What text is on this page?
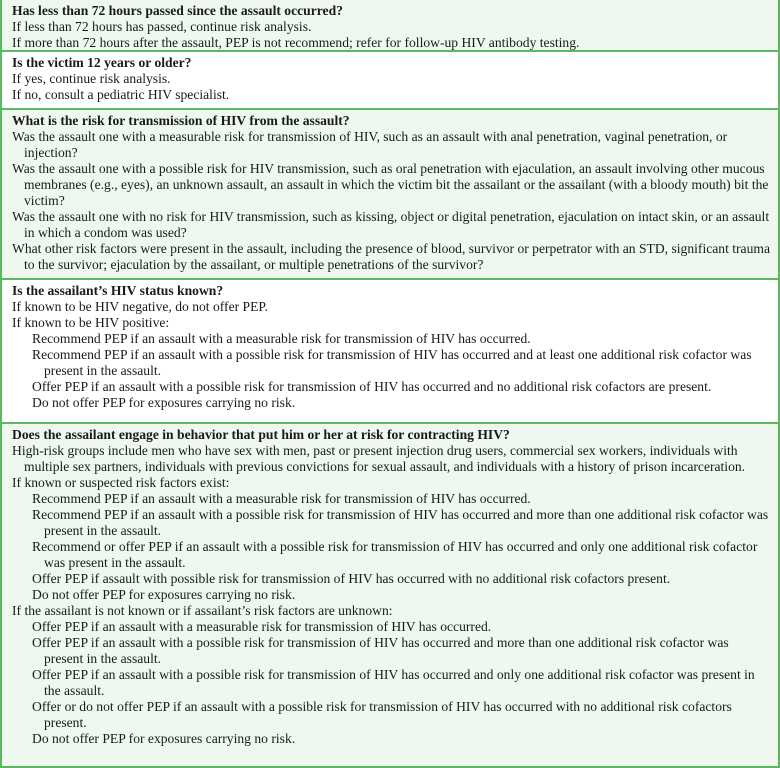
Has less than 72 hours passed since the assault occurred?
If less than 72 hours has passed, continue risk analysis.
If more than 72 hours after the assault, PEP is not recommend; refer for follow-up HIV antibody testing.
Is the victim 12 years or older?
If yes, continue risk analysis.
If no, consult a pediatric HIV specialist.
What is the risk for transmission of HIV from the assault?
Was the assault one with a measurable risk for transmission of HIV, such as an assault with anal penetration, vaginal penetration, or injection?
Was the assault one with a possible risk for HIV transmission, such as oral penetration with ejaculation, an assault involving other mucous membranes (e.g., eyes), an unknown assault, an assault in which the victim bit the assailant or the assailant (with a bloody mouth) bit the victim?
Was the assault one with no risk for HIV transmission, such as kissing, object or digital penetration, ejaculation on intact skin, or an assault in which a condom was used?
What other risk factors were present in the assault, including the presence of blood, survivor or perpetrator with an STD, significant trauma to the survivor; ejaculation by the assailant, or multiple penetrations of the survivor?
Is the assailant’s HIV status known?
If known to be HIV negative, do not offer PEP.
If known to be HIV positive:
Recommend PEP if an assault with a measurable risk for transmission of HIV has occurred.
Recommend PEP if an assault with a possible risk for transmission of HIV has occurred and at least one additional risk cofactor was present in the assault.
Offer PEP if an assault with a possible risk for transmission of HIV has occurred and no additional risk cofactors are present.
Do not offer PEP for exposures carrying no risk.
Does the assailant engage in behavior that put him or her at risk for contracting HIV?
High-risk groups include men who have sex with men, past or present injection drug users, commercial sex workers, individuals with multiple sex partners, individuals with previous convictions for sexual assault, and individuals with a history of prison incarceration.
If known or suspected risk factors exist:
Recommend PEP if an assault with a measurable risk for transmission of HIV has occurred.
Recommend PEP if an assault with a possible risk for transmission of HIV has occurred and more than one additional risk cofactor was present in the assault.
Recommend or offer PEP if an assault with a possible risk for transmission of HIV has occurred and only one additional risk cofactor was present in the assault.
Offer PEP if assault with possible risk for transmission of HIV has occurred with no additional risk cofactors present.
Do not offer PEP for exposures carrying no risk.
If the assailant is not known or if assailant’s risk factors are unknown:
Offer PEP if an assault with a measurable risk for transmission of HIV has occurred.
Offer PEP if an assault with a possible risk for transmission of HIV has occurred and more than one additional risk cofactor was present in the assault.
Offer PEP if an assault with a possible risk for transmission of HIV has occurred and only one additional risk cofactor was present in the assault.
Offer or do not offer PEP if an assault with a possible risk for transmission of HIV has occurred with no additional risk cofactors present.
Do not offer PEP for exposures carrying no risk.
